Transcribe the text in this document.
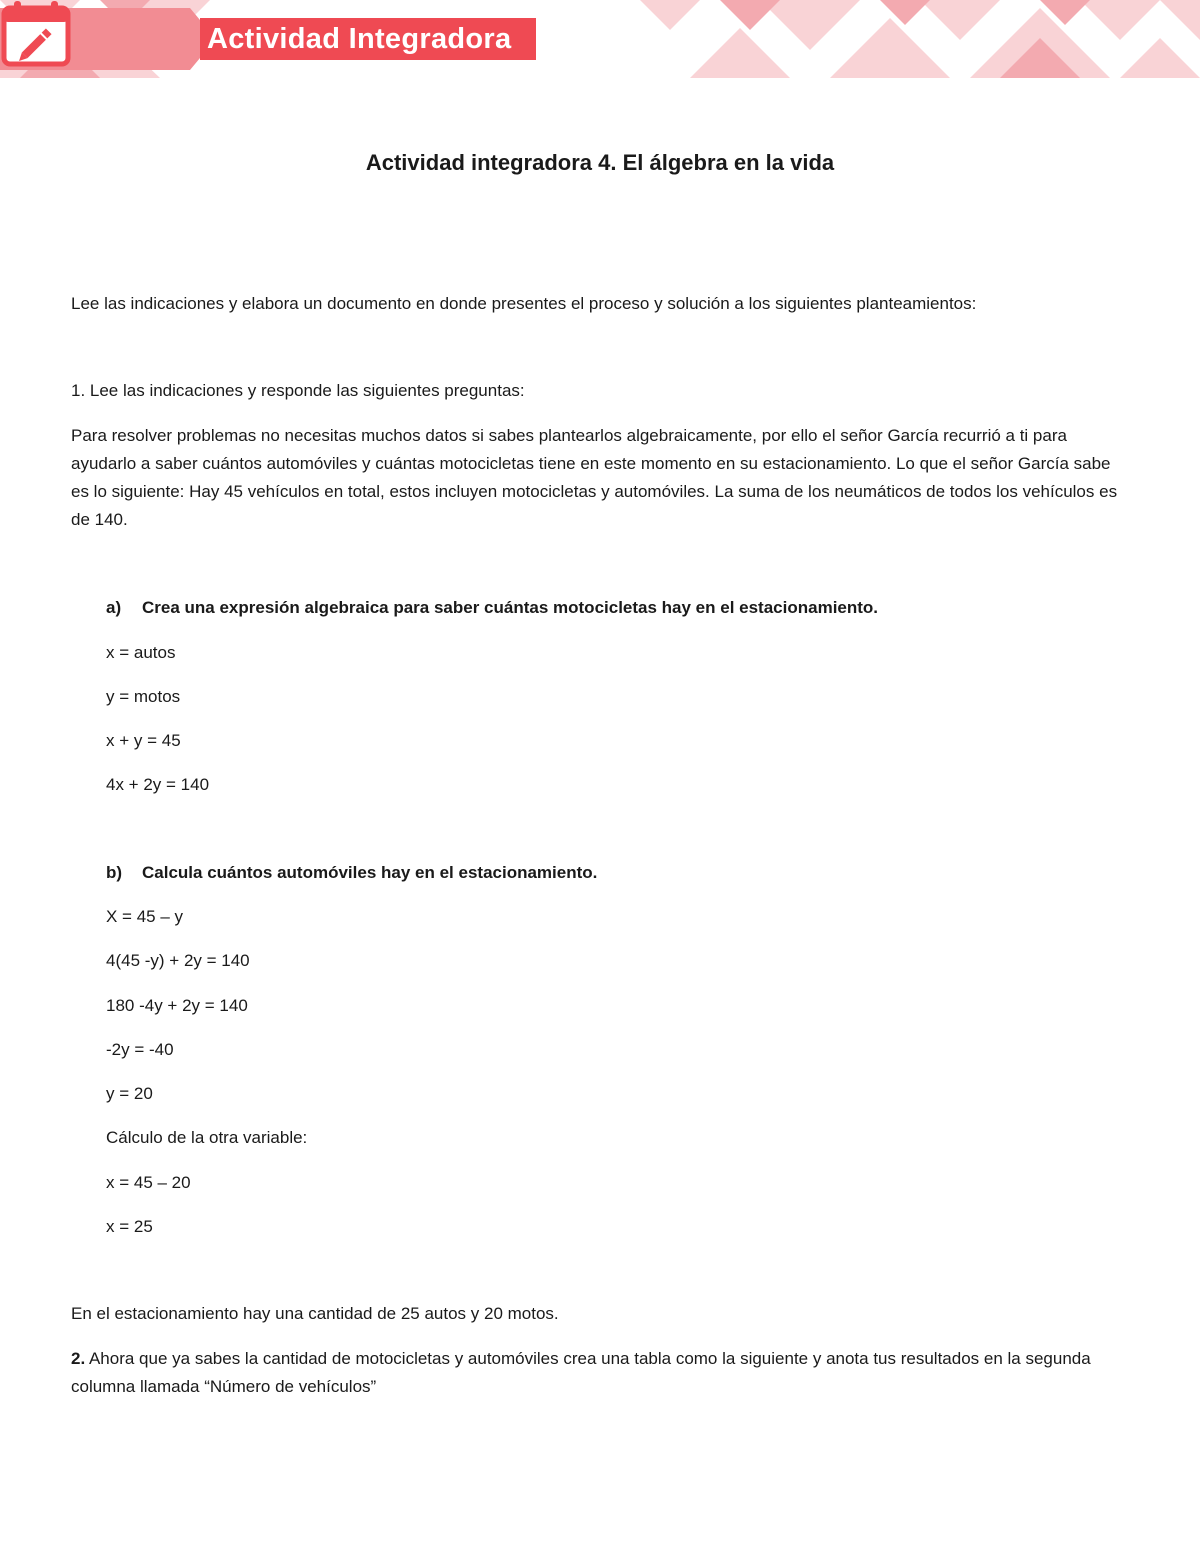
Actividad Integradora
Actividad integradora 4. El álgebra en la vida
Lee las indicaciones y elabora un documento en donde presentes el proceso y solución a los siguientes planteamientos:
1. Lee las indicaciones y responde las siguientes preguntas:
Para resolver problemas no necesitas muchos datos si sabes plantearlos algebraicamente, por ello el señor García recurrió a ti para ayudarlo a saber cuántos automóviles y cuántas motocicletas tiene en este momento en su estacionamiento. Lo que el señor García sabe es lo siguiente: Hay 45 vehículos en total, estos incluyen motocicletas y automóviles. La suma de los neumáticos de todos los vehículos es de 140.
a) Crea una expresión algebraica para saber cuántas motocicletas hay en el estacionamiento.
x = autos
y = motos
x + y = 45
4x + 2y = 140
b) Calcula cuántos automóviles hay en el estacionamiento.
X = 45 – y
4(45 -y) + 2y = 140
180 -4y + 2y = 140
-2y = -40
y = 20
Cálculo de la otra variable:
x = 45 – 20
x = 25
En el estacionamiento hay una cantidad de 25 autos y 20 motos.
2. Ahora que ya sabes la cantidad de motocicletas y automóviles crea una tabla como la siguiente y anota tus resultados en la segunda columna llamada “Número de vehículos”
